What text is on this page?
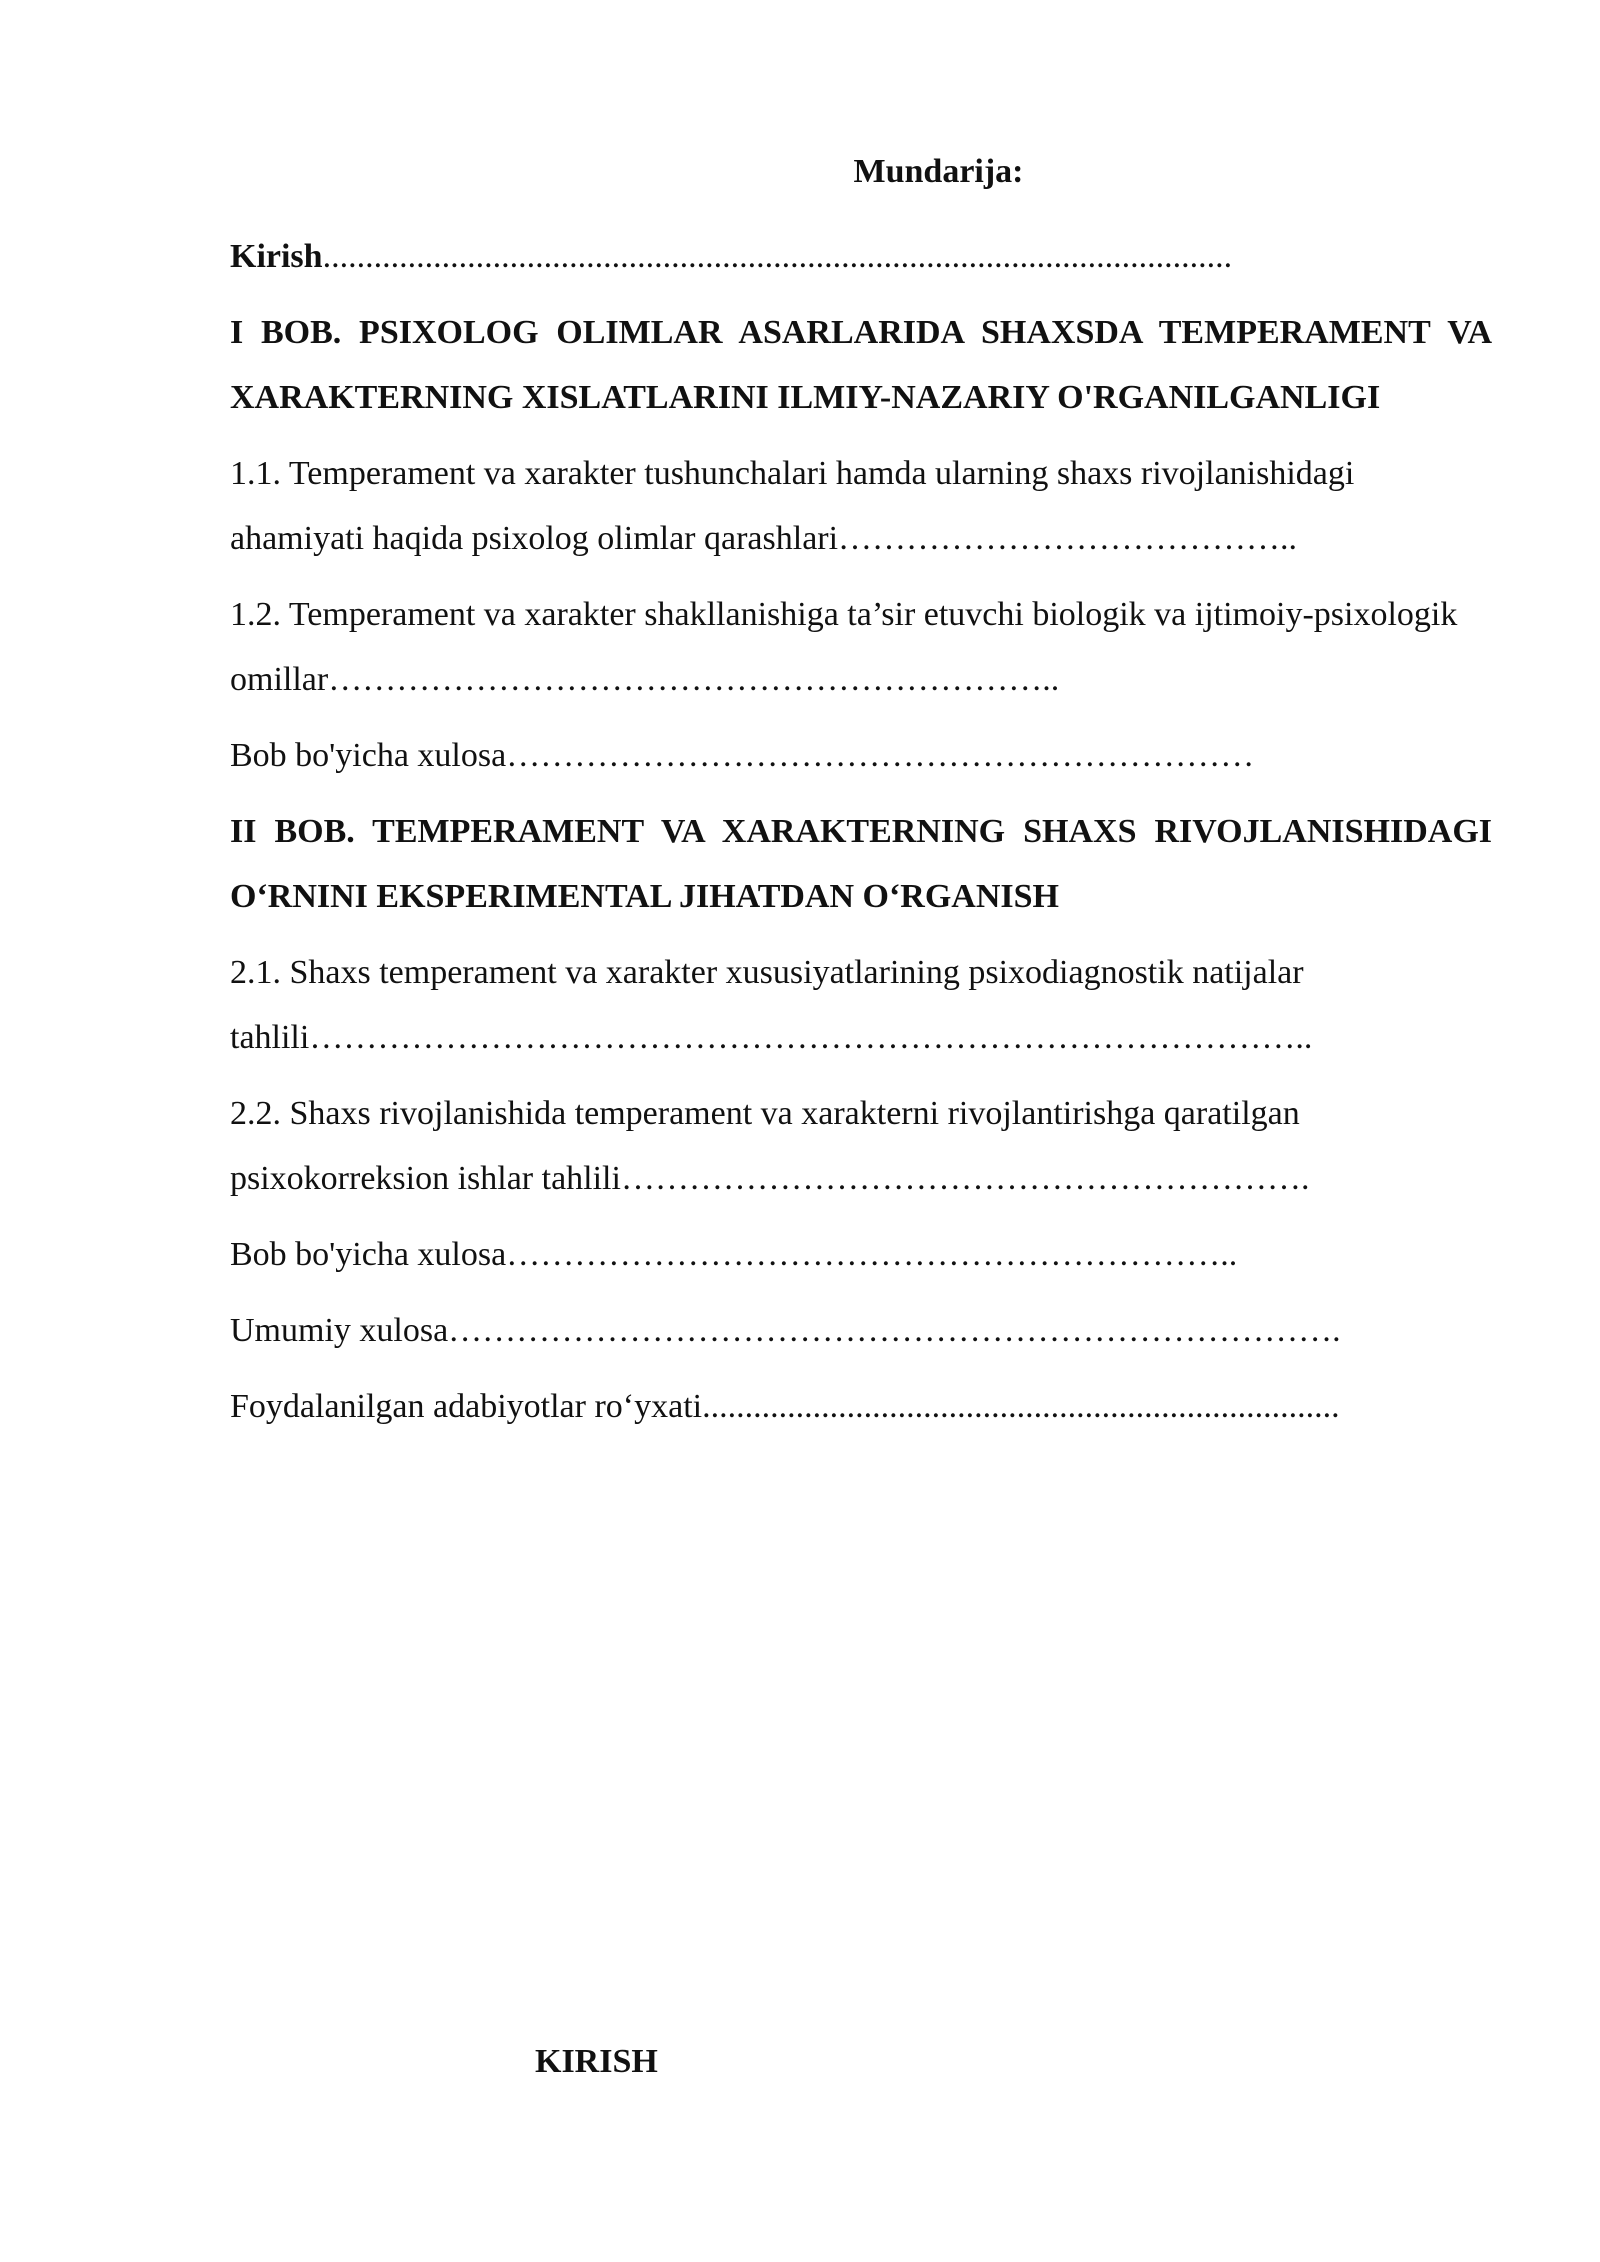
Mundarija:
Kirish...........................................................................................................
I BOB. PSIXOLOG OLIMLAR ASARLARIDA SHAXSDA TEMPERAMENT VA XARAKTERNING XISLATLARINI ILMIY-NAZARIY O'RGANILGANLIGI
1.1. Temperament va xarakter tushunchalari hamda ularning shaxs rivojlanishidagi ahamiyati haqida psixolog olimlar qarashlari…………………………………..
1.2. Temperament va xarakter shakllanishiga ta’sir etuvchi biologik va ijtimoiy-psixologik omillar………………………………………………………..
Bob bo'yicha xulosa…………………………………………………………
II BOB. TEMPERAMENT VA XARAKTERNING SHAXS RIVOJLANISHIDAGI O‘RNINI EKSPERIMENTAL JIHATDAN O‘RGANISH
2.1. Shaxs temperament va xarakter xususiyatlarining psixodiagnostik natijalar tahlili……………………………………………………………………………..
2.2. Shaxs rivojlanishida temperament va xarakterni rivojlantirishga qaratilgan psixokorreksion ishlar tahlili…………………………………………………….
Bob bo'yicha xulosa………………………………………………………..
Umumiy xulosa…………………………………………………………………….
Foydalanilgan adabiyotlar ro‘yxati...........................................................................
KIRISH
